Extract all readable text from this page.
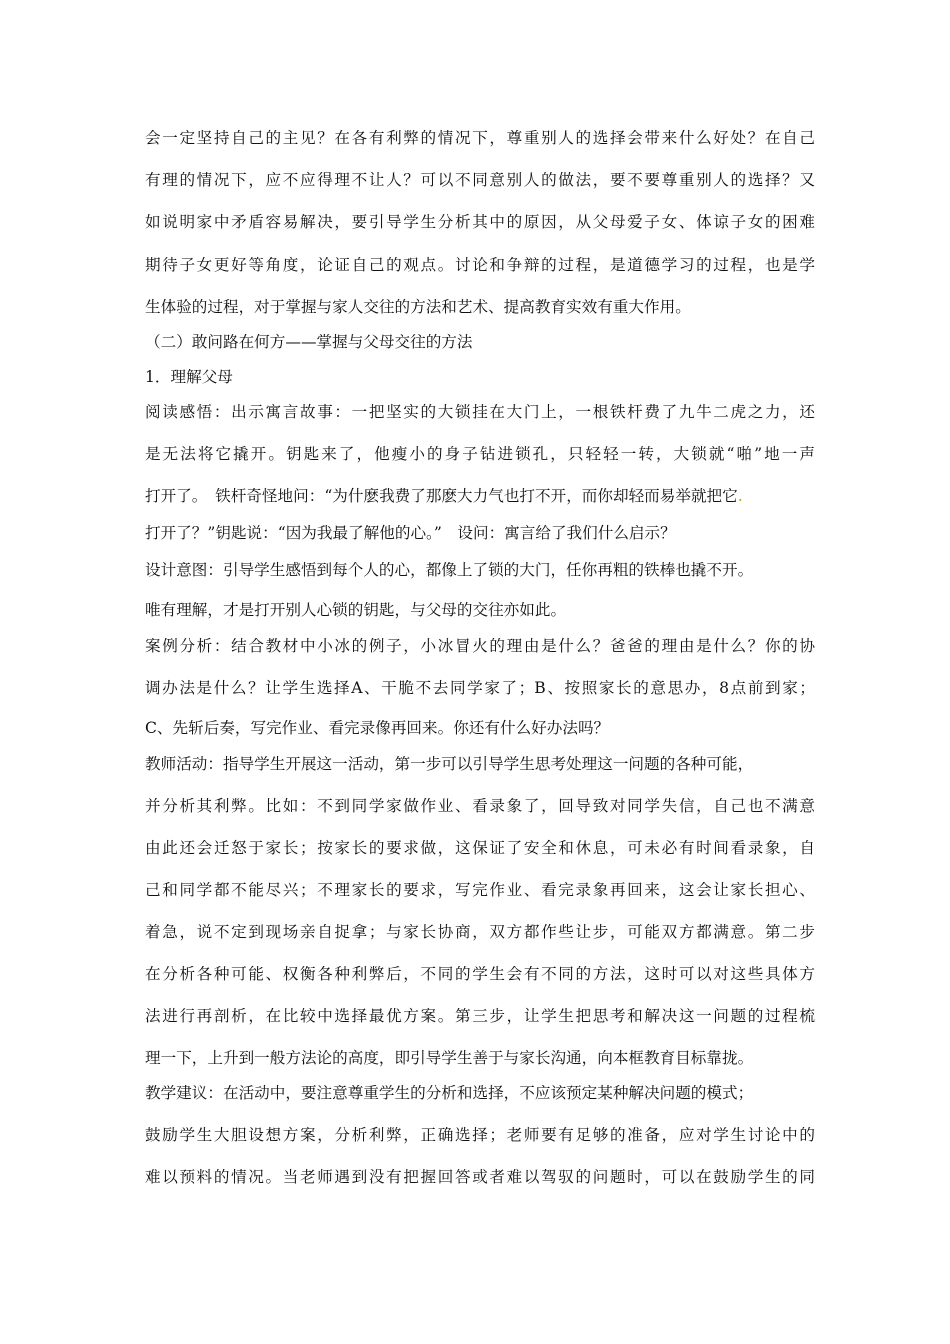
会一定坚持自己的主见？在各有利弊的情况下，尊重别人的选择会带来什么好处？在自己
有理的情况下，应不应得理不让人？可以不同意别人的做法，要不要尊重别人的选择？又
如说明家中矛盾容易解决，要引导学生分析其中的原因，从父母爱子女、体谅子女的困难
期待子女更好等角度，论证自己的观点。讨论和争辩的过程，是道德学习的过程，也是学
生体验的过程，对于掌握与家人交往的方法和艺术、提高教育实效有重大作用。
（二）敢问路在何方——掌握与父母交往的方法
1．理解父母
阅读感悟：出示寓言故事：一把坚实的大锁挂在大门上，一根铁杆费了九牛二虎之力，还
是无法将它撬开。钥匙来了，他瘦小的身子钻进锁孔，只轻轻一转，大锁就“啪”地一声
打开了。　铁杆奇怪地问：“为什麽我费了那麽大力气也打不开，而你却轻而易举就把它.
打开了？”钥匙说：“因为我最了解他的心。”　设问：寓言给了我们什么启示？
设计意图：引导学生感悟到每个人的心，都像上了锁的大门，任你再粗的铁棒也撬不开。
唯有理解，才是打开别人心锁的钥匙，与父母的交往亦如此。
案例分析：结合教材中小冰的例子，小冰冒火的理由是什么？爸爸的理由是什么？你的协
调办法是什么？让学生选择A、干脆不去同学家了；B、按照家长的意思办，8点前到家；
C、先斩后奏，写完作业、看完录像再回来。你还有什么好办法吗？
教师活动：指导学生开展这一活动，第一步可以引导学生思考处理这一问题的各种可能，
并分析其利弊。比如：不到同学家做作业、看录象了，回导致对同学失信，自己也不满意
由此还会迁怒于家长；按家长的要求做，这保证了安全和休息，可未必有时间看录象，自
己和同学都不能尽兴；不理家长的要求，写完作业、看完录象再回来，这会让家长担心、
着急，说不定到现场亲自捉拿；与家长协商，双方都作些让步，可能双方都满意。第二步
在分析各种可能、权衡各种利弊后，不同的学生会有不同的方法，这时可以对这些具体方
法进行再剖析，在比较中选择最优方案。第三步，让学生把思考和解决这一问题的过程梳
理一下，上升到一般方法论的高度，即引导学生善于与家长沟通，向本框教育目标靠拢。
教学建议：在活动中，要注意尊重学生的分析和选择，不应该预定某种解决问题的模式；
鼓励学生大胆设想方案，分析利弊，正确选择；老师要有足够的准备，应对学生讨论中的
难以预料的情况。当老师遇到没有把握回答或者难以驾驭的问题时，可以在鼓励学生的同
